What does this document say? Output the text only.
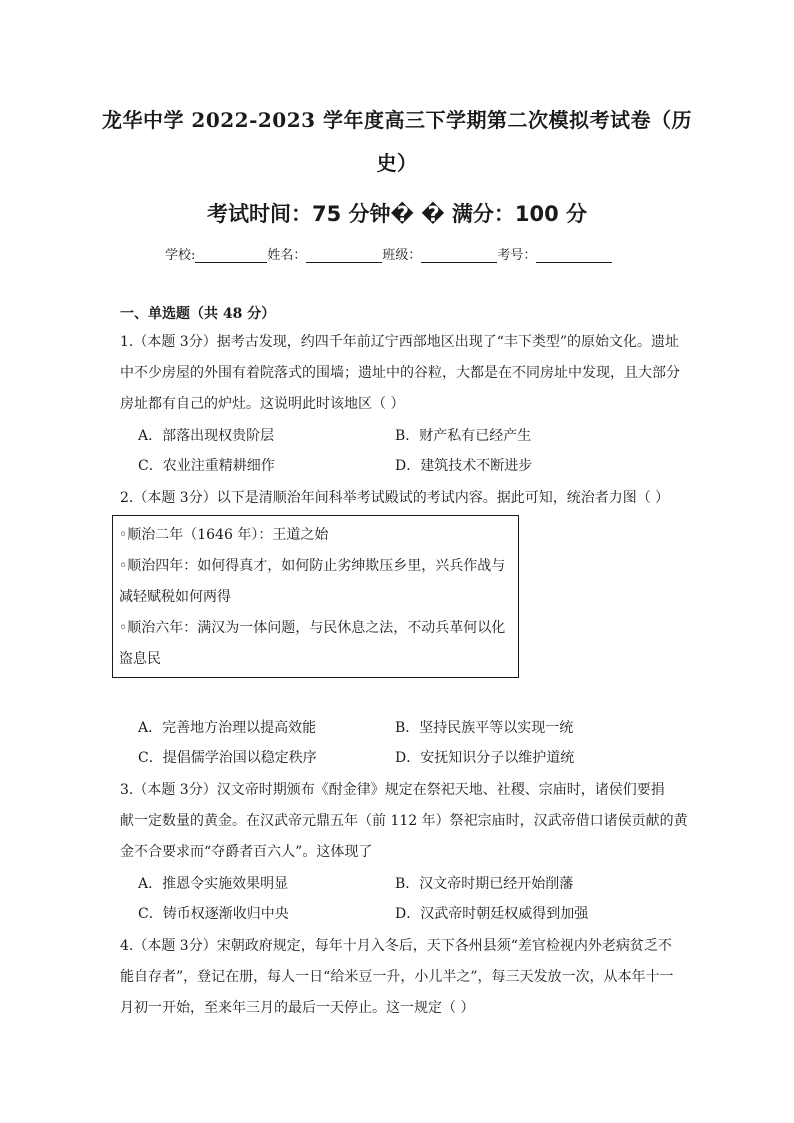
龙华中学 2022-2023 学年度高三下学期第二次模拟考试卷（历
史）
考试时间：75 分钟� � 满分：100 分
学校:	姓名：	班级：	考号：
一、单选题（共 48 分）
1.（本题 3分）据考古发现，约四千年前辽宁西部地区出现了“丰下类型”的原始文化。遗址
中不少房屋的外围有着院落式的围墙；遗址中的谷粒，大都是在不同房址中发现，且大部分
房址都有自己的炉灶。这说明此时该地区（ ）
A．部落出现权贵阶层	B．财产私有已经产生
C．农业注重精耕细作	D．建筑技术不断进步
2.（本题 3分）以下是清顺治年间科举考试殿试的考试内容。据此可知，统治者力图（ ）
◦顺治二年（1646 年）：王道之始
◦顺治四年：如何得真才，如何防止劣绅欺压乡里，兴兵作战与
减轻赋税如何两得
◦顺治六年：满汉为一体问题，与民休息之法，不动兵革何以化
盗息民
A．完善地方治理以提高效能	B．坚持民族平等以实现一统
C．提倡儒学治国以稳定秩序	D．安抚知识分子以维护道统
3.（本题 3分）汉文帝时期颁布《酎金律》规定在祭祀天地、社稷、宗庙时，诸侯们要捐
献一定数量的黄金。在汉武帝元鼎五年（前 112 年）祭祀宗庙时，汉武帝借口诸侯贡献的黄
金不合要求而“夺爵者百六人”。这体现了
A．推恩令实施效果明显	B．汉文帝时期已经开始削藩
C．铸币权逐渐收归中央	D．汉武帝时朝廷权威得到加强
4.（本题 3分）宋朝政府规定，每年十月入冬后，天下各州县须“差官检视内外老病贫乏不
能自存者”，登记在册，每人一日“给米豆一升，小儿半之”，每三天发放一次，从本年十一
月初一开始，至来年三月的最后一天停止。这一规定（ ）
